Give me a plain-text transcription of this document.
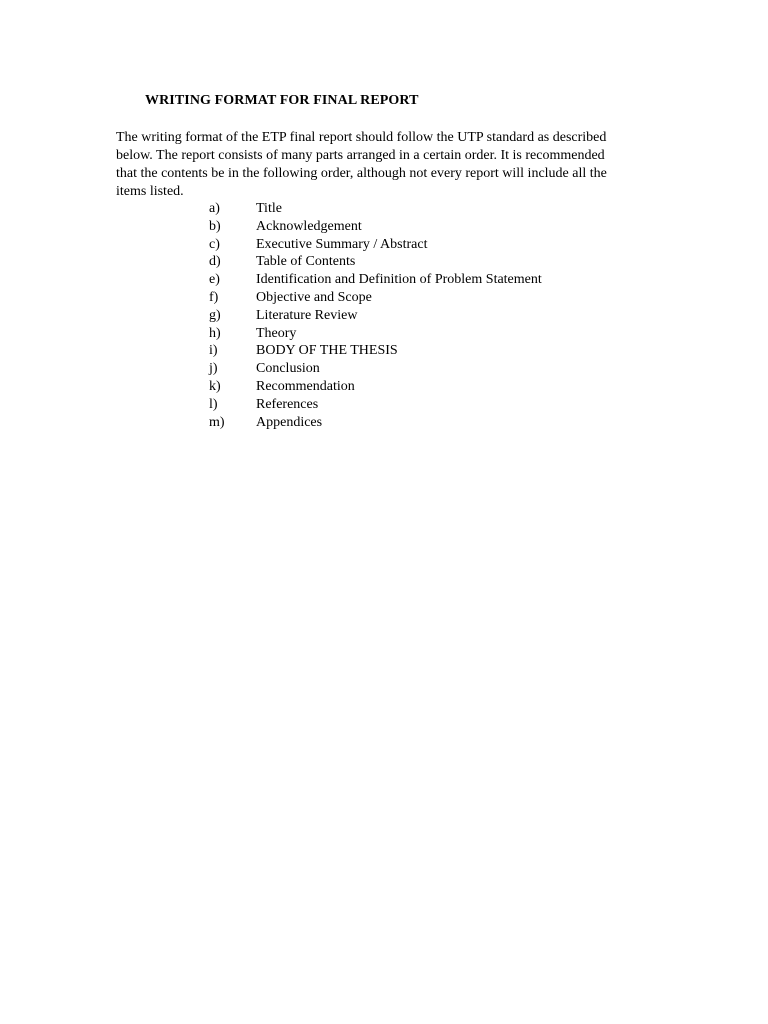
WRITING FORMAT FOR FINAL REPORT
The writing format of the ETP final report should follow the UTP standard as described
below. The report consists of many parts arranged in a certain order. It is recommended
that the contents be in the following order, although not every report will include all the
items listed.
a)	Title
b)	Acknowledgement
c)	Executive Summary / Abstract
d)	Table of Contents
e)	Identification and Definition of Problem Statement
f)	Objective and Scope
g)	Literature Review
h)	Theory
i)	BODY OF THE THESIS
j)	Conclusion
k)	Recommendation
l)	References
m) Appendices
